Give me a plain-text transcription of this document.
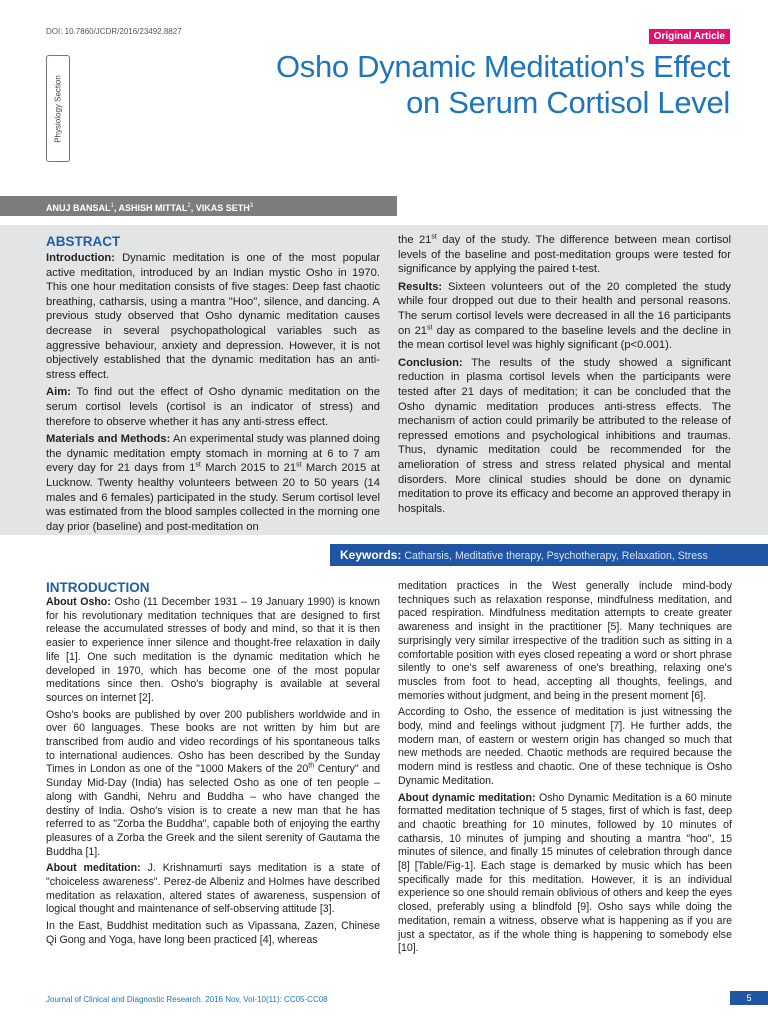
DOI: 10.7860/JCDR/2016/23492.8827	Original Article
Physiology Section
Osho Dynamic Meditation's Effect
on Serum Cortisol Level
ANUJ BANSAL$^1$, ASHISH MITTAL$^2$, VIKAS SETH$^3$
ABSTRACT

Introduction: Dynamic meditation is one of the most popular active meditation, introduced by an Indian mystic Osho in 1970. This one hour meditation consists of five stages: Deep fast chaotic breathing, catharsis, using a mantra "Hoo", silence, and dancing. A previous study observed that Osho dynamic meditation causes decrease in several psychopathological variables such as aggressive behaviour, anxiety and depression. However, it is not objectively established that the dynamic meditation has an anti-stress effect.

Aim: To find out the effect of Osho dynamic meditation on the serum cortisol levels (cortisol is an indicator of stress) and therefore to observe whether it has any anti-stress effect.

Materials and Methods: An experimental study was planned doing the dynamic meditation empty stomach in morning at 6 to 7 am every day for 21 days from 1st March 2015 to 21st March 2015 at Lucknow. Twenty healthy volunteers between 20 to 50 years (14 males and 6 females) participated in the study. Serum cortisol level was estimated from the blood samples collected in the morning one day prior (baseline) and post-meditation on

the 21st day of the study. The difference between mean cortisol levels of the baseline and post-meditation groups were tested for significance by applying the paired t-test.

Results: Sixteen volunteers out of the 20 completed the study while four dropped out due to their health and personal reasons. The serum cortisol levels were decreased in all the 16 participants on 21st day as compared to the baseline levels and the decline in the mean cortisol level was highly significant (p<0.001).

Conclusion: The results of the study showed a significant reduction in plasma cortisol levels when the participants were tested after 21 days of meditation; it can be concluded that the Osho dynamic meditation produces anti-stress effects. The mechanism of action could primarily be attributed to the release of repressed emotions and psychological inhibitions and traumas. Thus, dynamic meditation could be recommended for the amelioration of stress and stress related physical and mental disorders. More clinical studies should be done on dynamic meditation to prove its efficacy and become an approved therapy in hospitals.

Keywords: Catharsis, Meditative therapy, Psychotherapy, Relaxation, Stress
INTRODUCTION

About Osho: Osho (11 December 1931 – 19 January 1990) is known for his revolutionary meditation techniques that are designed to first release the accumulated stresses of body and mind, so that it is then easier to experience inner silence and thought-free relaxation in daily life [1]. One such meditation is the dynamic meditation which he developed in 1970, which has become one of the most popular meditations since then. Osho's biography is available at several sources on internet [2].

Osho's books are published by over 200 publishers worldwide and in over 60 languages. These books are not written by him but are transcribed from audio and video recordings of his spontaneous talks to international audiences. Osho has been described by the Sunday Times in London as one of the "1000 Makers of the 20th Century" and Sunday Mid-Day (India) has selected Osho as one of ten people – along with Gandhi, Nehru and Buddha – who have changed the destiny of India. Osho's vision is to create a new man that he has referred to as "Zorba the Buddha", capable both of enjoying the earthy pleasures of a Zorba the Greek and the silent serenity of Gautama the Buddha [1].

About meditation: J. Krishnamurti says meditation is a state of "choiceless awareness". Perez-de Albeniz and Holmes have described meditation as relaxation, altered states of awareness, suspension of logical thought and maintenance of self-observing attitude [3].

In the East, Buddhist meditation such as Vipassana, Zazen, Chinese Qi Gong and Yoga, have long been practiced [4], whereas

meditation practices in the West generally include mind-body techniques such as relaxation response, mindfulness meditation, and paced respiration. Mindfulness meditation attempts to create greater awareness and insight in the practitioner [5]. Many techniques are surprisingly very similar irrespective of the tradition such as sitting in a comfortable position with eyes closed repeating a word or short phrase silently to one's self awareness of one's breathing, relaxing one's muscles from foot to head, accepting all thoughts, feelings, and memories without judgment, and being in the present moment [6].

According to Osho, the essence of meditation is just witnessing the body, mind and feelings without judgment [7]. He further adds, the modern man, of eastern or western origin has changed so much that new methods are needed. Chaotic methods are required because the modern mind is restless and chaotic. One of these technique is Osho Dynamic Meditation.

About dynamic meditation: Osho Dynamic Meditation is a 60 minute formatted meditation technique of 5 stages, first of which is fast, deep and chaotic breathing for 10 minutes, followed by 10 minutes of catharsis, 10 minutes of jumping and shouting a mantra "hoo", 15 minutes of silence, and finally 15 minutes of celebration through dance [8] [Table/Fig-1]. Each stage is demarked by music which has been specifically made for this meditation. However, it is an individual experience so one should remain oblivious of others and keep the eyes closed, preferably using a blindfold [9]. Osho says while doing the meditation, remain a witness, observe what is happening as if you are just a spectator, as if the whole thing is happening to somebody else [10].

Journal of Clinical and Diagnostic Research. 2016 Nov, Vol-10(11): CC05-CC08	5
